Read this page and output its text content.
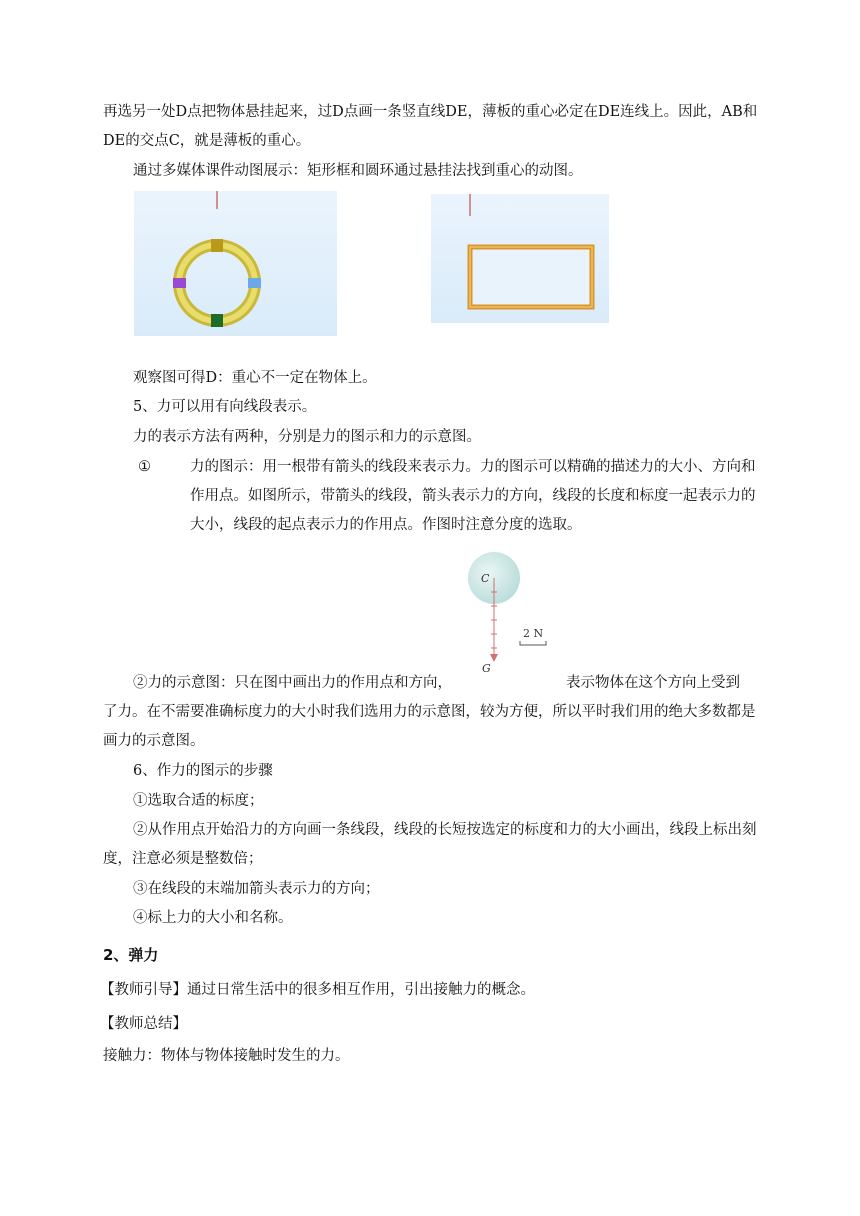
再选另一处D点把物体悬挂起来，过D点画一条竖直线DE，薄板的重心必定在DE连线上。因此，AB和DE的交点C，就是薄板的重心。

通过多媒体课件动图展示：矩形框和圆环通过悬挂法找到重心的动图。

观察图可得D：重心不一定在物体上。

5、力可以用有向线段表示。

力的表示方法有两种，分别是力的图示和力的示意图。

①	力的图示：用一根带有箭头的线段来表示力。力的图示可以精确的描述力的大小、方向和作用点。如图所示，带箭头的线段，箭头表示力的方向，线段的长度和标度一起表示力的大小，线段的起点表示力的作用点。作图时注意分度的选取。

C
G
2 N
②力的示意图：只在图中画出力的作用点和方向，	表示物体在这个方向上受到

了力。在不需要准确标度力的大小时我们选用力的示意图，较为方便，所以平时我们用的绝大多数都是画力的示意图。

6、作力的图示的步骤

①选取合适的标度；

②从作用点开始沿力的方向画一条线段，线段的长短按选定的标度和力的大小画出，线段上标出刻度，注意必须是整数倍；

③在线段的末端加箭头表示力的方向；

④标上力的大小和名称。

2、弹力

【教师引导】通过日常生活中的很多相互作用，引出接触力的概念。

【教师总结】

接触力：物体与物体接触时发生的力。
